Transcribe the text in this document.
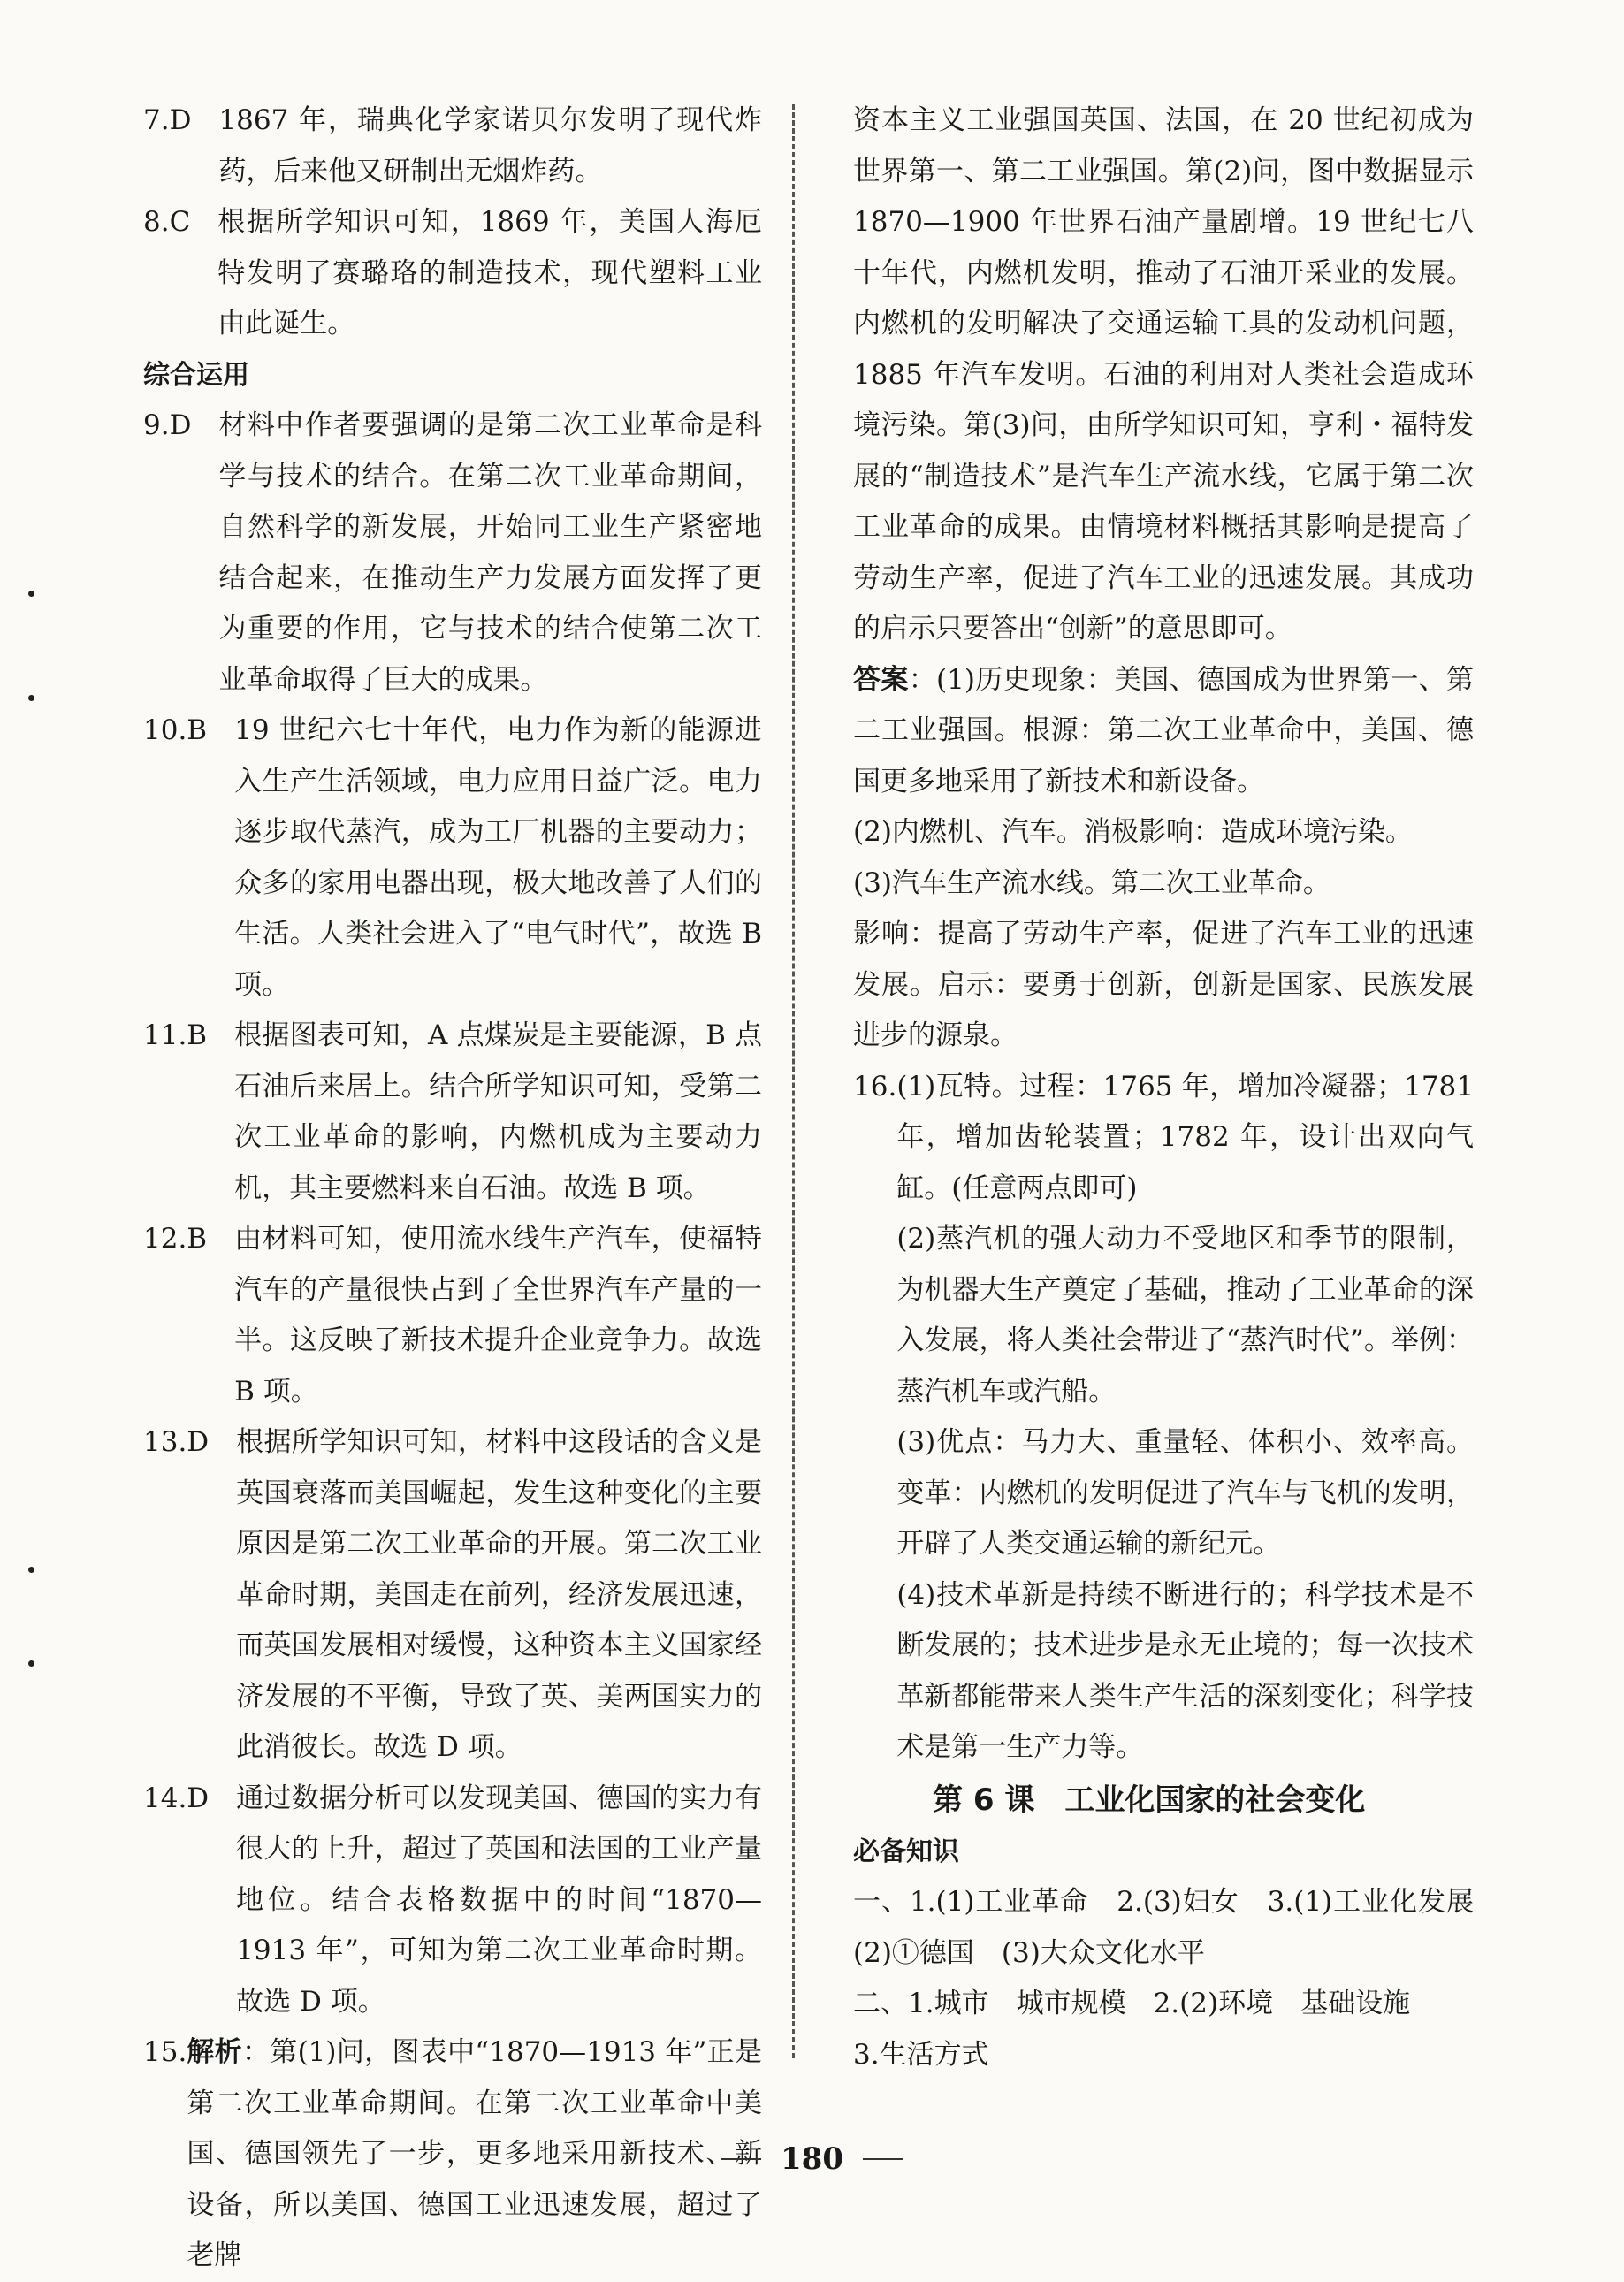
7.D　 1867 年，瑞典化学家诺贝尔发明了现代炸药，后来他又研制出无烟炸药。
8.C　 根据所学知识可知，1869 年，美国人海厄特发明了赛璐珞的制造技术，现代塑料工业由此诞生。

综合运用

9.D　 材料中作者要强调的是第二次工业革命是科学与技术的结合。在第二次工业革命期间，自然科学的新发展，开始同工业生产紧密地结合起来，在推动生产力发展方面发挥了更为重要的作用，它与技术的结合使第二次工业革命取得了巨大的成果。
10.B　 19 世纪六七十年代，电力作为新的能源进入生产生活领域，电力应用日益广泛。电力逐步取代蒸汽，成为工厂机器的主要动力；众多的家用电器出现，极大地改善了人们的生活。人类社会进入了“电气时代”，故选 B 项。
11.B　 根据图表可知，A 点煤炭是主要能源，B 点石油后来居上。结合所学知识可知，受第二次工业革命的影响，内燃机成为主要动力机，其主要燃料来自石油。故选 B 项。
12.B　 由材料可知，使用流水线生产汽车，使福特汽车的产量很快占到了全世界汽车产量的一半。这反映了新技术提升企业竞争力。故选 B 项。
13.D　 根据所学知识可知，材料中这段话的含义是英国衰落而美国崛起，发生这种变化的主要原因是第二次工业革命的开展。第二次工业革命时期，美国走在前列，经济发展迅速，而英国发展相对缓慢，这种资本主义国家经济发展的不平衡，导致了英、美两国实力的此消彼长。故选 D 项。
14.D　 通过数据分析可以发现美国、德国的实力有很大的上升，超过了英国和法国的工业产量地位。结合表格数据中的时间“1870—1913 年”，可知为第二次工业革命时期。故选 D 项。
15. 解析：第(1)问，图表中“1870—1913 年”正是第二次工业革命期间。在第二次工业革命中美国、德国领先了一步，更多地采用新技术、新设备，所以美国、德国工业迅速发展，超过了老牌

资本主义工业强国英国、法国，在 20 世纪初成为世界第一、第二工业强国。第(2)问，图中数据显示 1870—1900 年世界石油产量剧增。19 世纪七八十年代，内燃机发明，推动了石油开采业的发展。内燃机的发明解决了交通运输工具的发动机问题，1885 年汽车发明。石油的利用对人类社会造成环境污染。第(3)问，由所学知识可知，亨利・福特发展的“制造技术”是汽车生产流水线，它属于第二次工业革命的成果。由情境材料概括其影响是提高了劳动生产率，促进了汽车工业的迅速发展。其成功的启示只要答出“创新”的意思即可。

答案：(1)历史现象：美国、德国成为世界第一、第二工业强国。根源：第二次工业革命中，美国、德国更多地采用了新技术和新设备。

(2)内燃机、汽车。消极影响：造成环境污染。

(3)汽车生产流水线。第二次工业革命。

影响：提高了劳动生产率，促进了汽车工业的迅速发展。启示：要勇于创新，创新是国家、民族发展进步的源泉。

16. (1)瓦特。过程：1765 年，增加冷凝器；1781 年，增加齿轮装置；1782 年，设计出双向气缸。(任意两点即可)

(2)蒸汽机的强大动力不受地区和季节的限制，为机器大生产奠定了基础，推动了工业革命的深入发展，将人类社会带进了“蒸汽时代”。举例：蒸汽机车或汽船。

(3)优点：马力大、重量轻、体积小、效率高。变革：内燃机的发明促进了汽车与飞机的发明，开辟了人类交通运输的新纪元。

(4)技术革新是持续不断进行的；科学技术是不断发展的；技术进步是永无止境的；每一次技术革新都能带来人类生产生活的深刻变化；科学技术是第一生产力等。

第 6 课　工业化国家的社会变化

必备知识

一、1.(1)工业革命　2.(3)妇女　3.(1)工业化发展　(2)①德国　(3)大众文化水平

二、1.城市　城市规模　2.(2)环境　基础设施

3.生活方式

180
